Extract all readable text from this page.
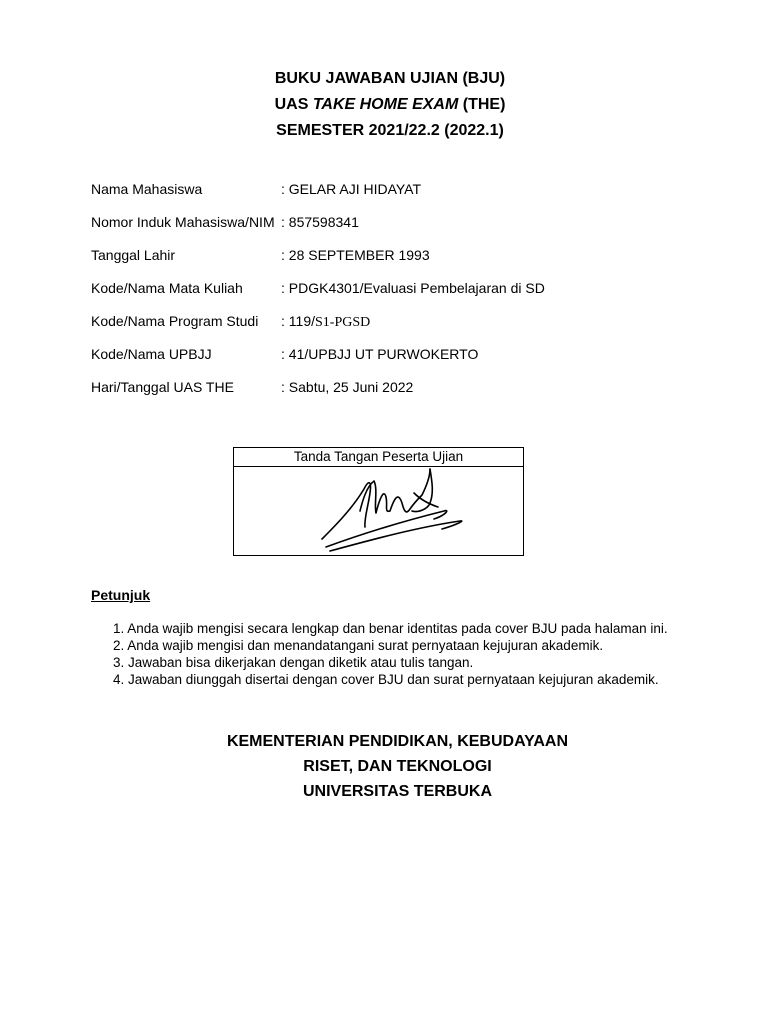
BUKU JAWABAN UJIAN (BJU)

UAS TAKE HOME EXAM (THE)

SEMESTER 2021/22.2 (2022.1)

Nama Mahasiswa	: GELAR AJI HIDAYAT
Nomor Induk Mahasiswa/NIM : 857598341
Tanggal Lahir	: 28 SEPTEMBER 1993
Kode/Nama Mata Kuliah	: PDGK4301/Evaluasi Pembelajaran di SD
Kode/Nama Program Studi : 119/S1-PGSD
Kode/Nama UPBJJ	: 41/UPBJJ UT PURWOKERTO
Hari/Tanggal UAS THE	: Sabtu, 25 Juni 2022
Tanda Tangan Peserta Ujian
Petunjuk
1. Anda wajib mengisi secara lengkap dan benar identitas pada cover BJU pada halaman ini.
2. Anda wajib mengisi dan menandatangani surat pernyataan kejujuran akademik.
3. Jawaban bisa dikerjakan dengan diketik atau tulis tangan.
4. Jawaban diunggah disertai dengan cover BJU dan surat pernyataan kejujuran akademik.

KEMENTERIAN PENDIDIKAN, KEBUDAYAAN

RISET, DAN TEKNOLOGI

UNIVERSITAS TERBUKA
